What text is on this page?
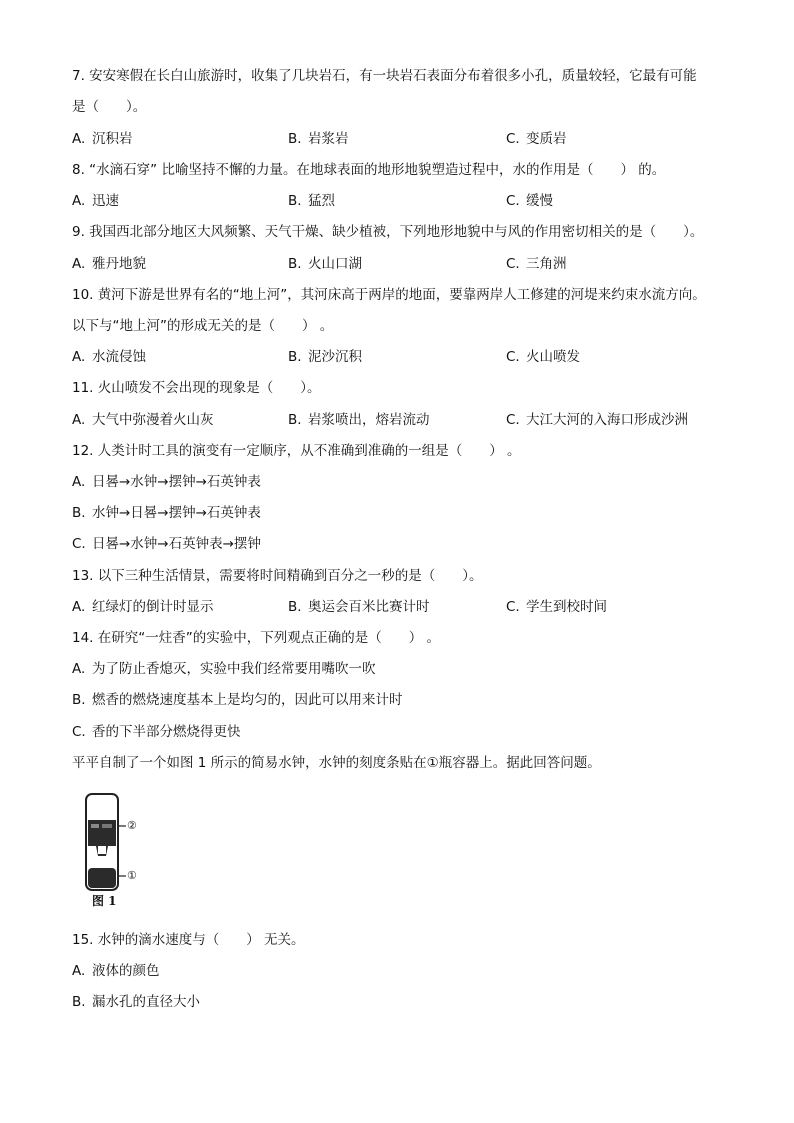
7. 安安寒假在长白山旅游时，收集了几块岩石，有一块岩石表面分布着很多小孔，质量较轻，它最有可能
是（　　）。
A. 沉积岩	B. 岩浆岩	C. 变质岩
8. “水滴石穿” 比喻坚持不懈的力量。在地球表面的地形地貌塑造过程中，水的作用是（　　） 的。
A. 迅速	B. 猛烈	C. 缓慢
9. 我国西北部分地区大风频繁、天气干燥、缺少植被，下列地形地貌中与风的作用密切相关的是（　　）。
A. 雅丹地貌	B. 火山口湖	C. 三角洲
10. 黄河下游是世界有名的“地上河”，其河床高于两岸的地面，要靠两岸人工修建的河堤来约束水流方向。
以下与“地上河”的形成无关的是（　　） 。
A. 水流侵蚀	B. 泥沙沉积	C. 火山喷发
11. 火山喷发不会出现的现象是（　　）。
A. 大气中弥漫着火山灰	B. 岩浆喷出，熔岩流动	C. 大江大河的入海口形成沙洲
12. 人类计时工具的演变有一定顺序，从不准确到准确的一组是（　　） 。
A. 日晷→水钟→摆钟→石英钟表
B. 水钟→日晷→摆钟→石英钟表
C. 日晷→水钟→石英钟表→摆钟
13. 以下三种生活情景，需要将时间精确到百分之一秒的是（　　）。
A. 红绿灯的倒计时显示	B. 奥运会百米比赛计时	C. 学生到校时间
14. 在研究“一炷香”的实验中，下列观点正确的是（　　） 。
A. 为了防止香熄灭，实验中我们经常要用嘴吹一吹
B. 燃香的燃烧速度基本上是均匀的，因此可以用来计时
C. 香的下半部分燃烧得更快
平平自制了一个如图 1 所示的简易水钟，水钟的刻度条贴在①瓶容器上。据此回答问题。
②
①
图 1
15. 水钟的滴水速度与（　　） 无关。
A. 液体的颜色
B. 漏水孔的直径大小
